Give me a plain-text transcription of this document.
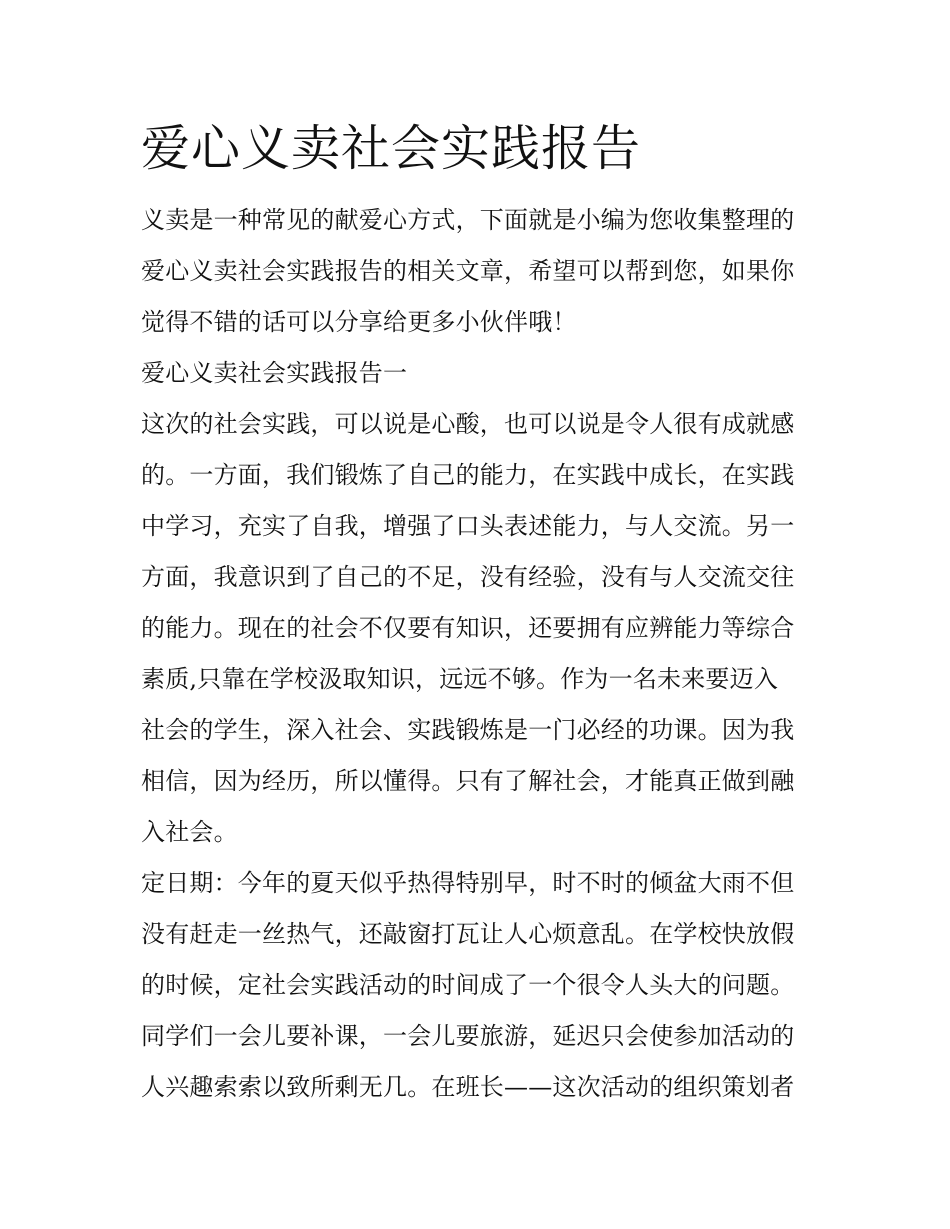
爱心义卖社会实践报告
义卖是一种常见的献爱心方式，下面就是小编为您收集整理的
爱心义卖社会实践报告的相关文章，希望可以帮到您，如果你
觉得不错的话可以分享给更多小伙伴哦！
爱心义卖社会实践报告一
这次的社会实践，可以说是心酸，也可以说是令人很有成就感
的。一方面，我们锻炼了自己的能力，在实践中成长，在实践
中学习，充实了自我，增强了口头表述能力，与人交流。另一
方面，我意识到了自己的不足，没有经验，没有与人交流交往
的能力。现在的社会不仅要有知识，还要拥有应辨能力等综合
素质,只靠在学校汲取知识，远远不够。作为一名未来要迈入
社会的学生，深入社会、实践锻炼是一门必经的功课。因为我
相信，因为经历，所以懂得。只有了解社会，才能真正做到融
入社会。
定日期：今年的夏天似乎热得特别早，时不时的倾盆大雨不但
没有赶走一丝热气，还敲窗打瓦让人心烦意乱。在学校快放假
的时候，定社会实践活动的时间成了一个很令人头大的问题。
同学们一会儿要补课，一会儿要旅游，延迟只会使参加活动的
人兴趣索索以致所剩无几。在班长——这次活动的组织策划者
